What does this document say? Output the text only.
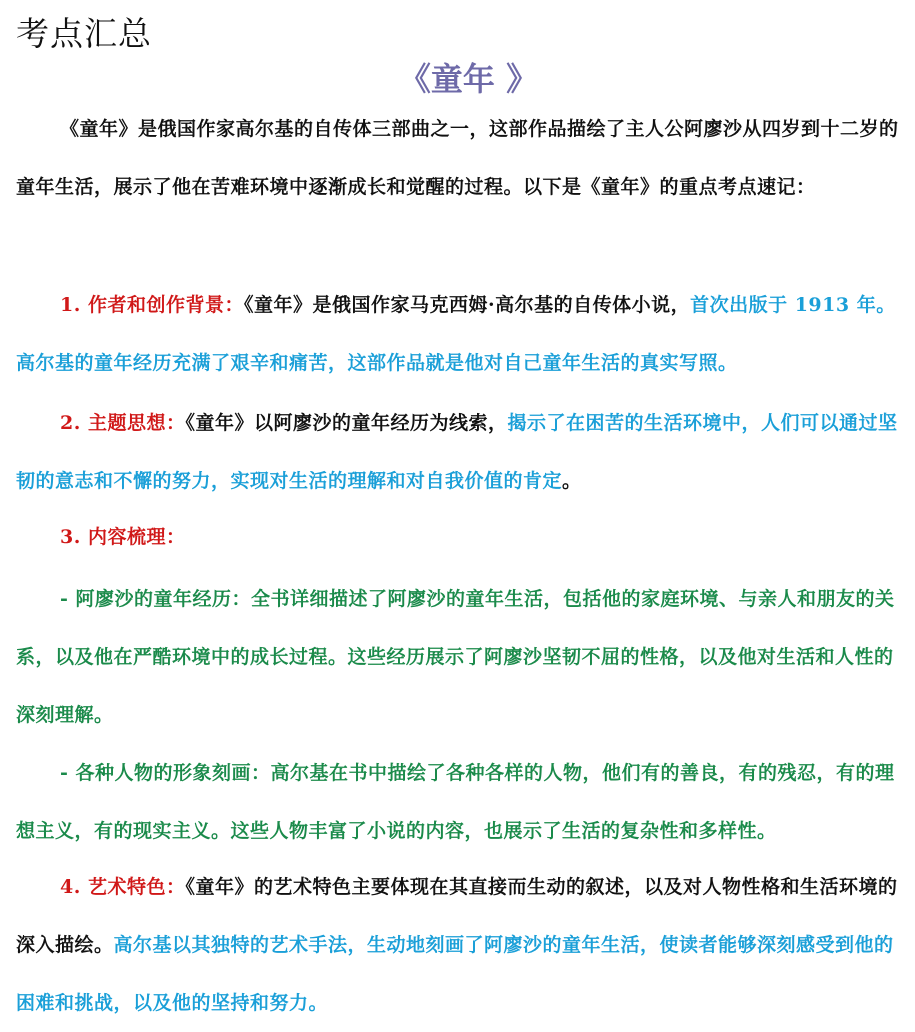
考点汇总
《童年 》
《童年》是俄国作家高尔基的自传体三部曲之一，这部作品描绘了主人公阿廖沙从四岁到十二岁的童年生活，展示了他在苦难环境中逐渐成长和觉醒的过程。以下是《童年》的重点考点速记：
1. 作者和创作背景：《童年》是俄国作家马克西姆·高尔基的自传体小说，首次出版于 1913 年。高尔基的童年经历充满了艰辛和痛苦，这部作品就是他对自己童年生活的真实写照。
2. 主题思想：《童年》以阿廖沙的童年经历为线索，揭示了在困苦的生活环境中，人们可以通过坚韧的意志和不懈的努力，实现对生活的理解和对自我价值的肯定。
3. 内容梳理：
- 阿廖沙的童年经历：全书详细描述了阿廖沙的童年生活，包括他的家庭环境、与亲人和朋友的关系，以及他在严酷环境中的成长过程。这些经历展示了阿廖沙坚韧不屈的性格，以及他对生活和人性的深刻理解。
- 各种人物的形象刻画：高尔基在书中描绘了各种各样的人物，他们有的善良，有的残忍，有的理想主义，有的现实主义。这些人物丰富了小说的内容，也展示了生活的复杂性和多样性。
4. 艺术特色：《童年》的艺术特色主要体现在其直接而生动的叙述，以及对人物性格和生活环境的深入描绘。高尔基以其独特的艺术手法，生动地刻画了阿廖沙的童年生活，使读者能够深刻感受到他的困难和挑战，以及他的坚持和努力。
